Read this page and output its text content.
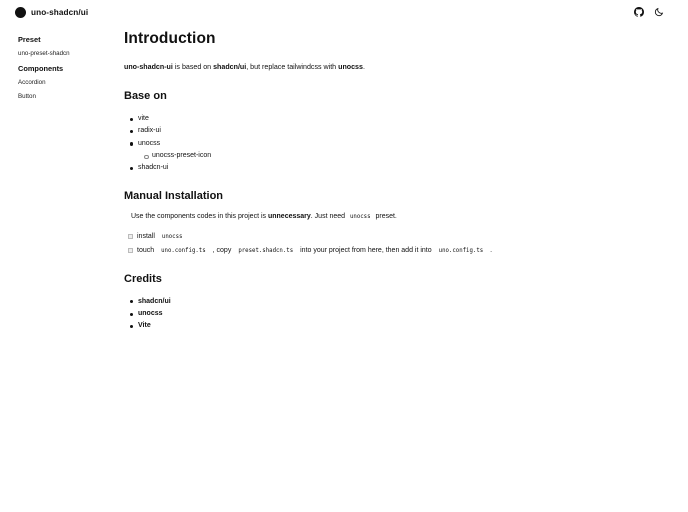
uno-shadcn/ui
Preset
uno-preset-shadcn
Components
Accordion
Button
Introduction

uno-shadcn-ui is based on shadcn/ui, but replace tailwindcss with unocss.

Base on
vite
radix-ui
unocss
unocss-preset-icon
shadcn-ui
Manual Installation

Use the components codes in this project is unnecessary. Just need unocss preset.

install	unocss
touch	uno.config.ts	, copy	preset.shadcn.ts	into your project from here, then add it into	uno.config.ts	.
Credits
shadcn/ui
unocss
Vite
